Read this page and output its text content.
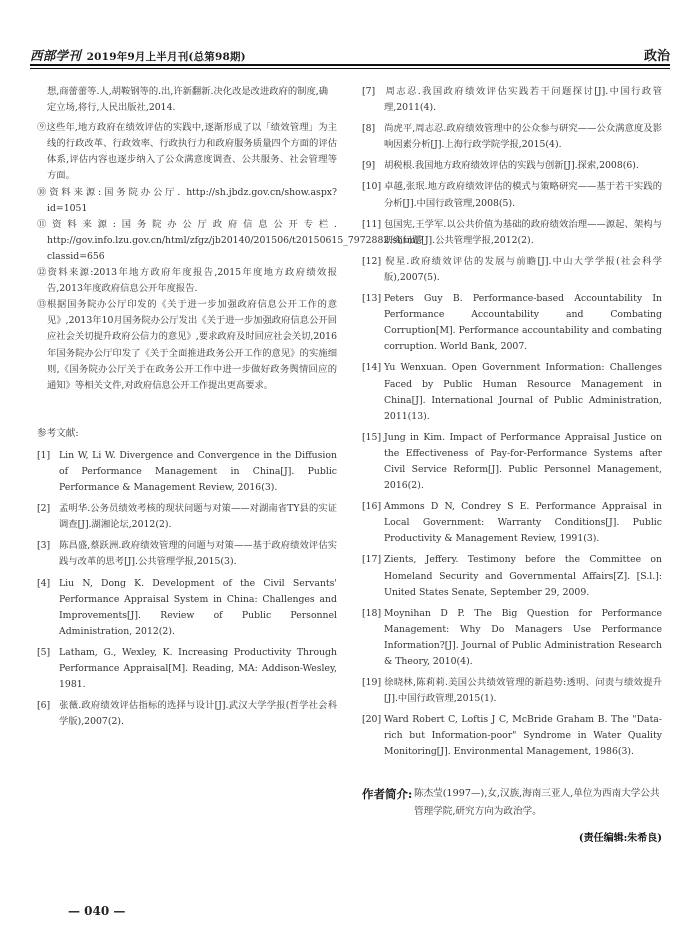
西部学刊 2019年9月上半月刊(总第98期)	政治

想,商蕾蕾等.人,胡鞍钢等的.出,许新翻新.决化改是改进政府的制度,确定立场,将行,人民出版社,2014.

⑨这些年,地方政府在绩效评估的实践中,逐渐形成了以「绩效管理」为主线的行政改革、行政效率、行政执行力和政府服务质量四个方面的评估体系,评估内容也逐步纳入了公众满意度调查、公共服务、社会管理等方面。

⑩资料来源:国务院办公厅. http://sh.jbdz.gov.cn/show.aspx?id=1051

⑪资料来源:国务院办公厅政府信息公开专栏. http://gov.info.lzu.gov.cn/html/zfgz/jb20140/201506/t20150615_7972882.shtml?classid=656

⑫资料来源:2013年地方政府年度报告,2015年度地方政府绩效报告,2013年度政府信息公开年度报告.

⑬根据国务院办公厅印发的《关于进一步加强政府信息公开工作的意见》,2013年10月国务院办公厅发出《关于进一步加强政府信息公开回应社会关切提升政府公信力的意见》,要求政府及时回应社会关切,2016年国务院办公厅印发了《关于全面推进政务公开工作的意见》的实施细则,《国务院办公厅关于在政务公开工作中进一步做好政务舆情回应的通知》等相关文件,对政府信息公开工作提出更高要求。

参考文献:

[1] Lin W, Li W. Divergence and Convergence in the Diffusion of Performance Management in China[J]. Public Performance & Management Review, 2016(3).

[2] 孟明华.公务员绩效考核的现状问题与对策——对湖南省TY县的实证调查[J].湖湘论坛,2012(2).

[3] 陈昌盛,蔡跃洲.政府绩效管理的问题与对策——基于政府绩效评估实践与改革的思考[J].公共管理学报,2015(3).

[4] Liu N, Dong K. Development of the Civil Servants' Performance Appraisal System in China: Challenges and Improvements[J]. Review of Public Personnel Administration, 2012(2).

[5] Latham, G., Wexley, K. Increasing Productivity Through Performance Appraisal[M]. Reading, MA: Addison-Wesley, 1981.

[6] 张薇.政府绩效评估指标的选择与设计[J].武汉大学学报(哲学社会科学版),2007(2).

[7] 周志忍.我国政府绩效评估实践若干问题探讨[J].中国行政管理,2011(4).

[8] 尚虎平,周志忍.政府绩效管理中的公众参与研究——公众满意度及影响因素分析[J].上海行政学院学报,2015(4).

[9] 胡税根.我国地方政府绩效评估的实践与创新[J].探索,2008(6).

[10] 卓越,张珉.地方政府绩效评估的模式与策略研究——基于若干实践的分析[J].中国行政管理,2008(5).

[11] 包国宪,王学军.以公共价值为基础的政府绩效治理——源起、架构与研究问题[J].公共管理学报,2012(2).

[12] 倪星.政府绩效评估的发展与前瞻[J].中山大学学报(社会科学版),2007(5).

[13] Peters Guy B. Performance-based Accountability In Performance Accountability and Combating Corruption[M]. Performance accountability and combating corruption. World Bank, 2007.

[14] Yu Wenxuan. Open Government Information: Challenges Faced by Public Human Resource Management in China[J]. International Journal of Public Administration, 2011(13).

[15] Jung in Kim. Impact of Performance Appraisal Justice on the Effectiveness of Pay-for-Performance Systems after Civil Service Reform[J]. Public Personnel Management, 2016(2).

[16] Ammons D N, Condrey S E. Performance Appraisal in Local Government: Warranty Conditions[J]. Public Productivity & Management Review, 1991(3).

[17] Zients, Jeffery. Testimony before the Committee on Homeland Security and Governmental Affairs[Z]. [S.l.]: United States Senate, September 29, 2009.

[18] Moynihan D P. The Big Question for Performance Management: Why Do Managers Use Performance Information?[J]. Journal of Public Administration Research & Theory, 2010(4).

[19] 徐晓林,陈莉莉.美国公共绩效管理的新趋势:透明、问责与绩效提升[J].中国行政管理,2015(1).

[20] Ward Robert C, Loftis J C, McBride Graham B. The "Data-rich but Information-poor" Syndrome in Water Quality Monitoring[J]. Environmental Management, 1986(3).

作者简介: 陈杰莹(1997—),女,汉族,海南三亚人,单位为西南大学公共管理学院,研究方向为政治学。
(责任编辑:朱希良)
— 040 —
